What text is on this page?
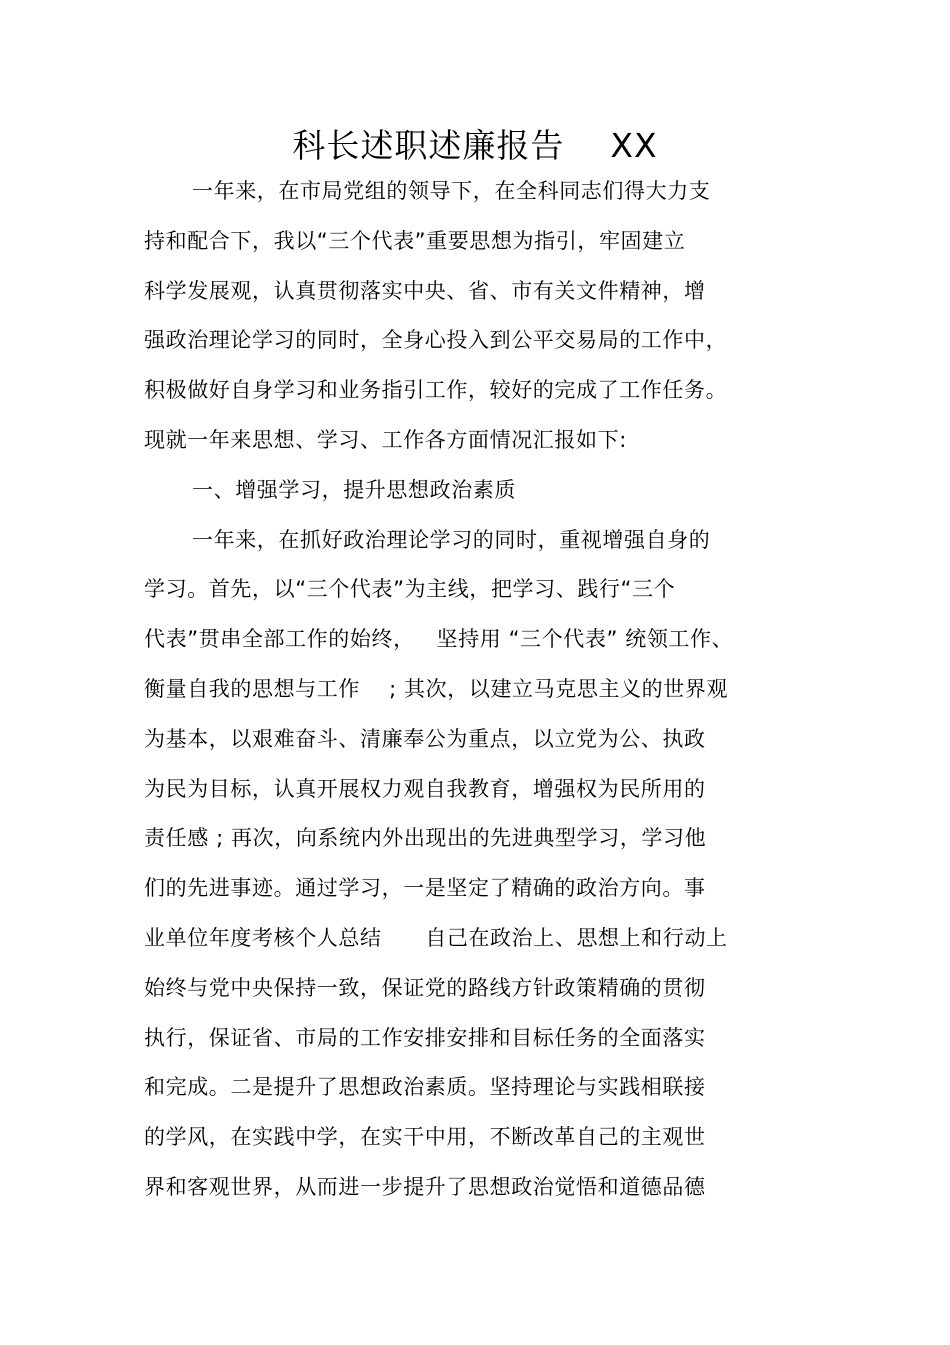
科长述职述廉报告    XX
一年来，在市局党组的领导下，在全科同志们得大力支
持和配合下，我以“三个代表”重要思想为指引，牢固建立
科学发展观，认真贯彻落实中央、省、市有关文件精神，增
强政治理论学习的同时，全身心投入到公平交易局的工作中，
积极做好自身学习和业务指引工作，较好的完成了工作任务。
现就一年来思想、学习、工作各方面情况汇报如下:
一、增强学习，提升思想政治素质
一年来，在抓好政治理论学习的同时，重视增强自身的
学习。首先，以“三个代表”为主线，把学习、践行“三个
代表”贯串全部工作的始终，   坚持用 “三个代表” 统领工作、
衡量自我的思想与工作    ; 其次，以建立马克思主义的世界观
为基本，以艰难奋斗、清廉奉公为重点，以立党为公、执政
为民为目标，认真开展权力观自我教育，增强权为民所用的
责任感 ; 再次，向系统内外出现出的先进典型学习，学习他
们的先进事迹。通过学习，一是坚定了精确的政治方向。事
业单位年度考核个人总结      自己在政治上、思想上和行动上
始终与党中央保持一致，保证党的路线方针政策精确的贯彻
执行，保证省、市局的工作安排安排和目标任务的全面落实
和完成。二是提升了思想政治素质。坚持理论与实践相联接
的学风，在实践中学，在实干中用，不断改革自己的主观世
界和客观世界，从而进一步提升了思想政治觉悟和道德品德
